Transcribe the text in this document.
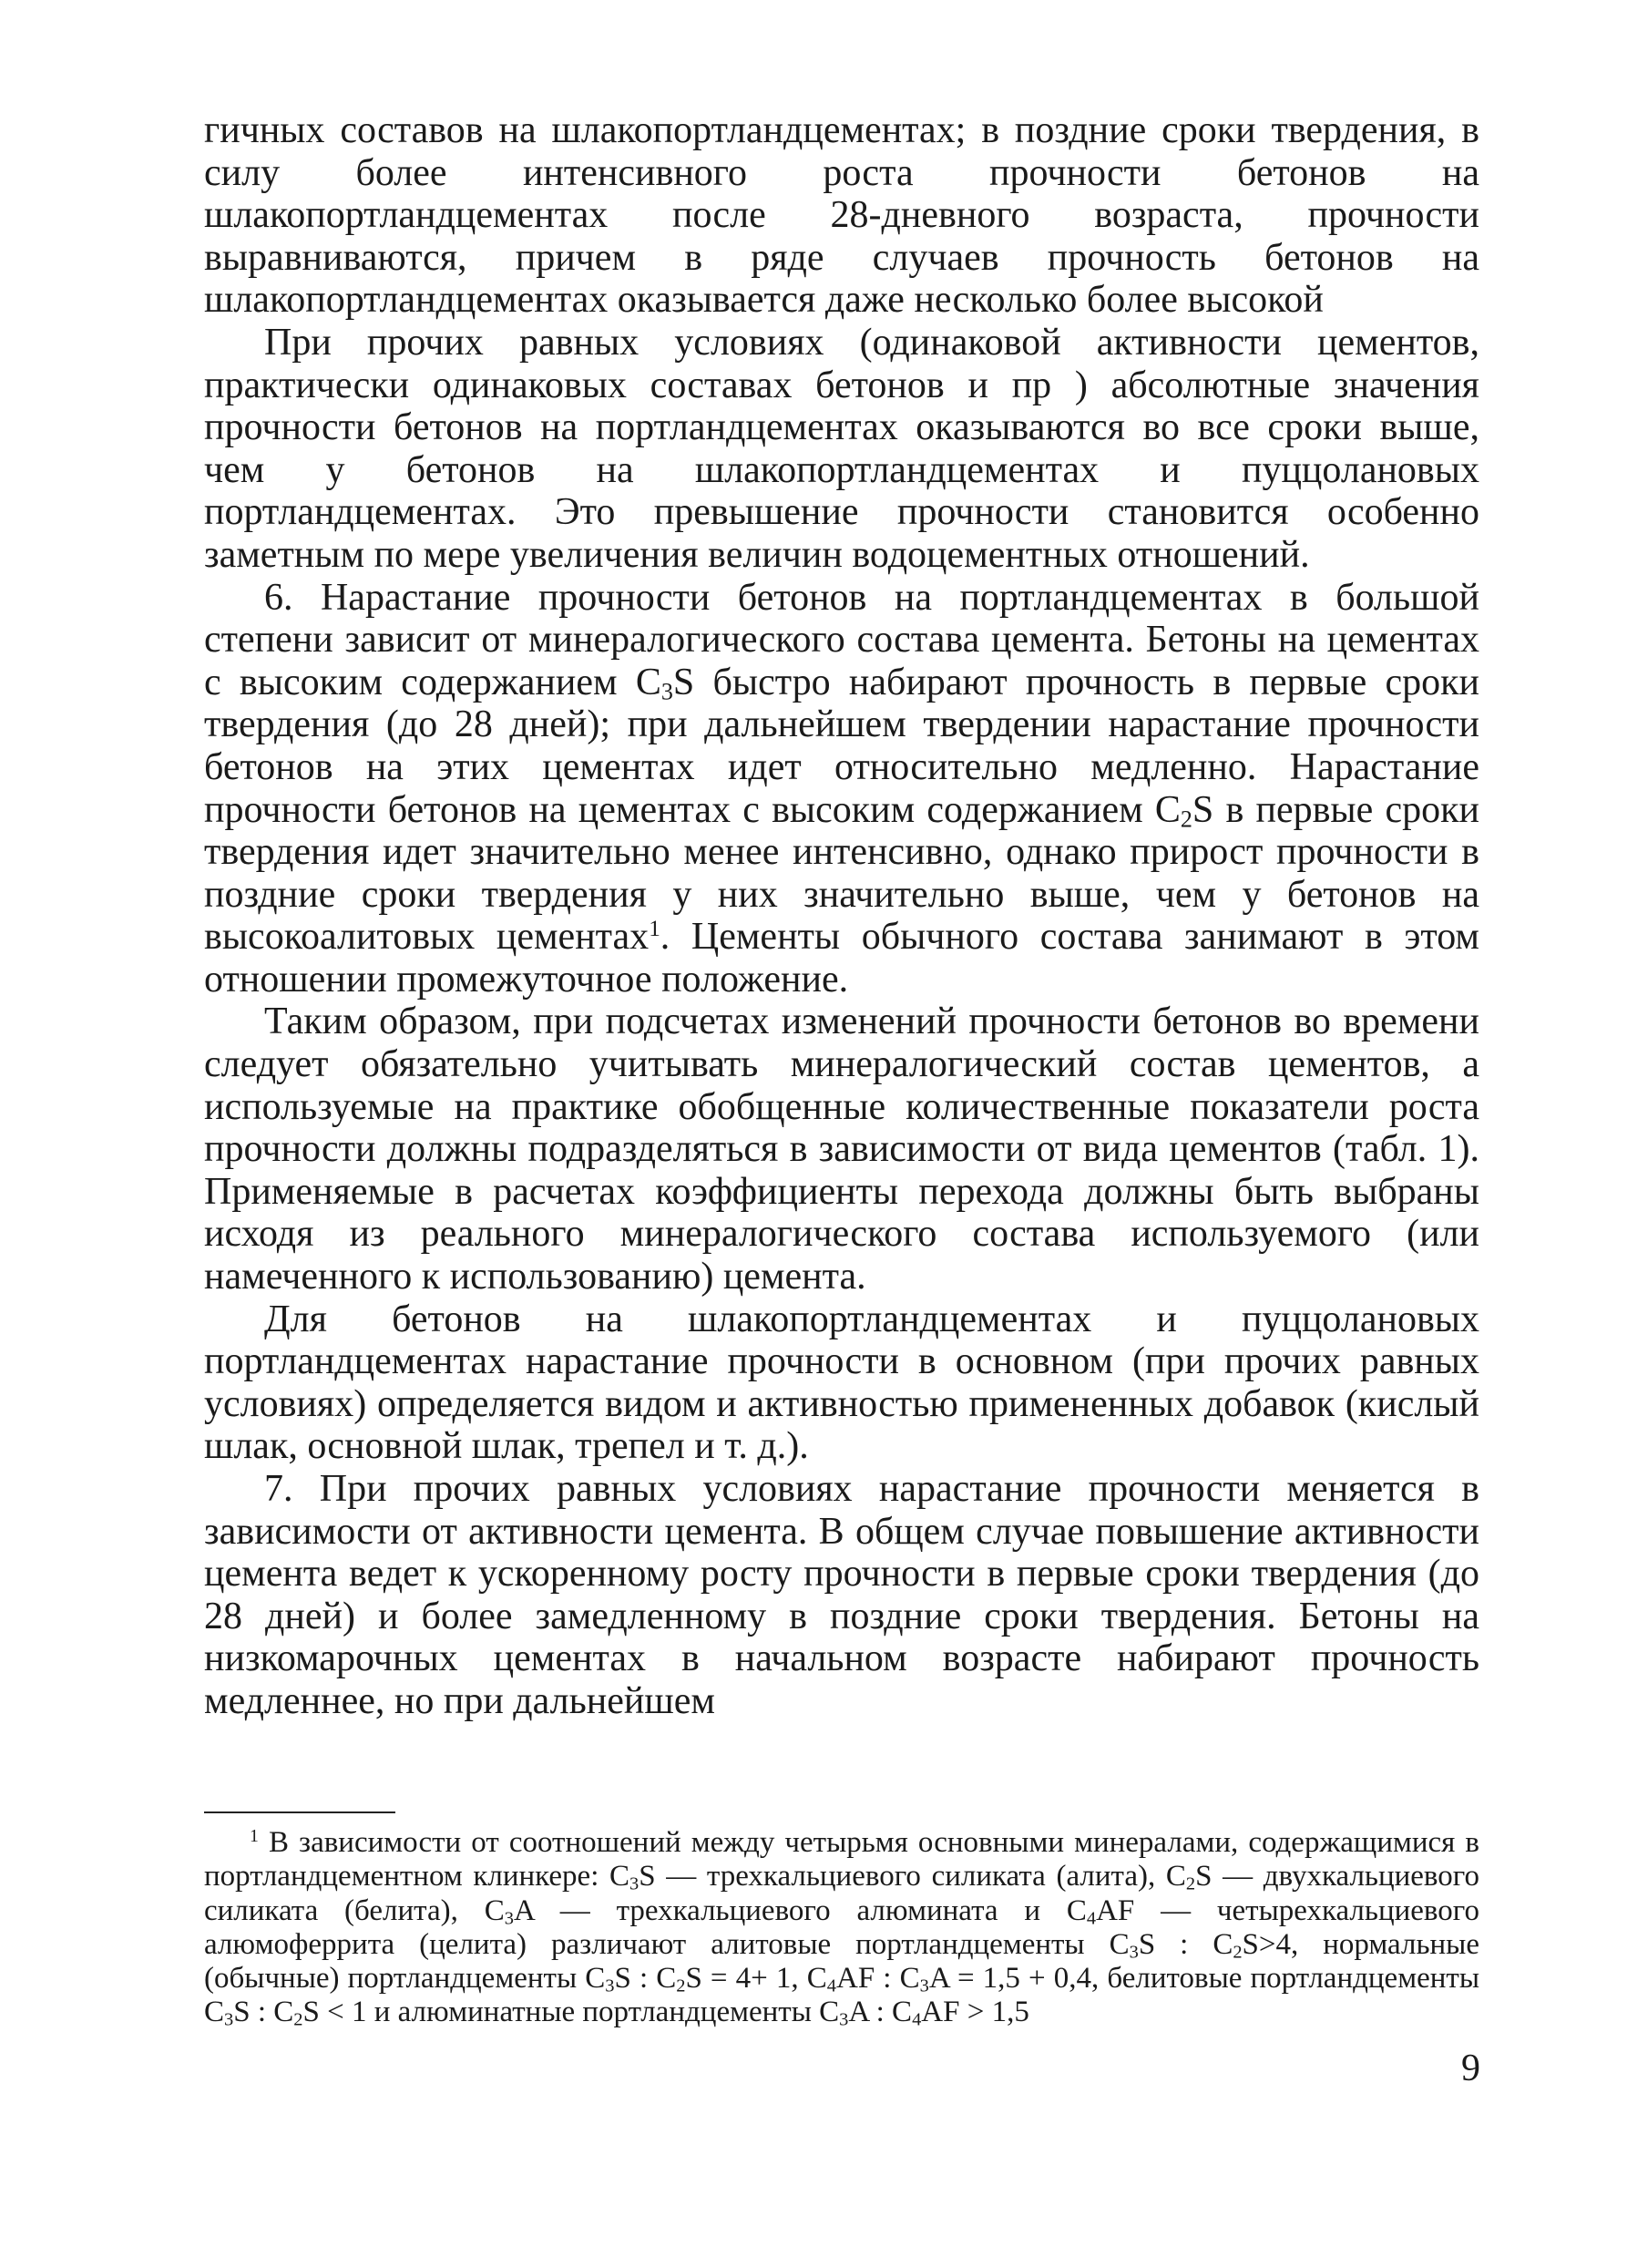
гичных составов на шлакопортландцементах; в поздние сроки твердения, в силу более интенсивного роста прочности бетонов на шлакопортландцементах после 28-дневного возраста, прочности выравниваются, причем в ряде случаев прочность бетонов на шлакопортландцементах оказывается даже несколько более высокой

При прочих равных условиях (одинаковой активности цементов, практически одинаковых составах бетонов и пр ) абсолютные значения прочности бетонов на портландцементах оказываются во все сроки выше, чем у бетонов на шлакопортландцементах и пуццолановых портландцементах. Это превышение прочности становится особенно заметным по мере увеличения величин водоцементных отношений.

6. Нарастание прочности бетонов на портландцементах в большой степени зависит от минералогического состава цемента. Бетоны на цементах с высоким содержанием $C_3S$ быстро набирают прочность в первые сроки твердения (до 28 дней); при дальнейшем твердении нарастание прочности бетонов на этих цементах идет относительно медленно. Нарастание прочности бетонов на цементах с высоким содержанием $C_2S$ в первые сроки твердения идет значительно менее интенсивно, однако прирост прочности в поздние сроки твердения у них значительно выше, чем у бетонов на высокоалитовых цементах$^1$. Цементы обычного состава занимают в этом отношении промежуточное положение.

Таким образом, при подсчетах изменений прочности бетонов во времени следует обязательно учитывать минералогический состав цементов, а используемые на практике обобщенные количественные показатели роста прочности должны подразделяться в зависимости от вида цементов (табл. 1). Применяемые в расчетах коэффициенты перехода должны быть выбраны исходя из реального минералогического состава используемого (или намеченного к использованию) цемента.

Для бетонов на шлакопортландцементах и пуццолановых портландцементах нарастание прочности в основном (при прочих равных условиях) определяется видом и активностью примененных добавок (кислый шлак, основной шлак, трепел и т. д.).

7. При прочих равных условиях нарастание прочности меняется в зависимости от активности цемента. В общем случае повышение активности цемента ведет к ускоренному росту прочности в первые сроки твердения (до 28 дней) и более замедленному в поздние сроки твердения. Бетоны на низкомарочных цементах в начальном возрасте набирают прочность медленнее, но при дальнейшем

$^1$ В зависимости от соотношений между четырьмя основными минералами, содержащимися в портландцементном клинкере: $C_3S$ — трехкальциевого силиката (алита), $C_2S$ — двухкальциевого силиката (белита), $C_3A$ — трехкальциевого алюмината и $C_4AF$ — четырехкальциевого алюмоферрита (целита) различают алитовые портландцементы $C_3S$ : $C_2S>4$, нормальные (обычные) портландцементы $C_3S$ : $C_2S = 4+ 1$, $C_4AF$ : $C_3A = 1,5 + 0,4$, белитовые портландцементы $C_3S$ : $C_2S < 1$ и алюминатные портландцементы $C_3A$ : $C_4AF > 1,5$

9
